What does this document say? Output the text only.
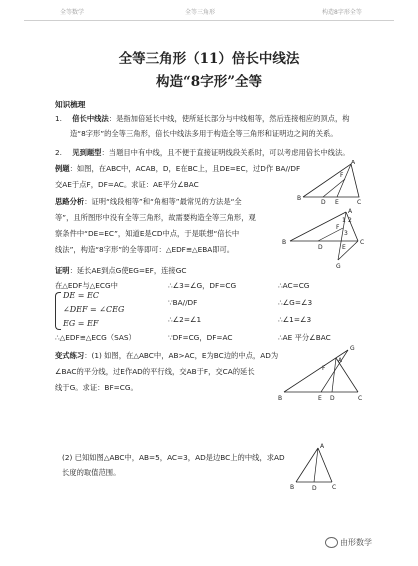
全等数学	全等三角形	构造8字形全等
全等三角形（11）倍长中线法
构造“8字形”全等
知识梳理
1. 倍长中线法：是指加倍延长中线，使所延长部分与中线相等，然后连接相应的顶点，构
造“8字形”的全等三角形，倍长中线法多用于构造全等三角形和证明边之间的关系。
2. 见到题型：当题目中有中线，且不便于直接证明线段关系时，可以考虑用倍长中线法。
例题：如图，在ABC中，ACAB，D，E在BC上，且DE=EC，过D作 BA//DF
交AE于点F，DF=AC。求证：AE平分∠BAC
思路分析：证明“线段相等”和“角相等”最常见的方法是“全
等”，且所图形中没有全等三角形，故需要构造全等三角形，观
察条件中“DE=EC”，知道E是CD中点，于是联想“倍长中
线法”，构造“8字形”的全等即可：△EDF≌△EBA即可。
证明：延长AE到点G使EG=EF，连接GC
在△EDF与△ECG中
DE = EC
∠DEF = ∠CEG
EG = EF
∴∠3=∠G，DF=CG	∴AC=CG
∵BA//DF	∴∠G=∠3
∴∠2=∠1	∴∠1=∠3
∴△EDF≌△ECG（SAS）	∵DF=CG，DF=AC	∴AE 平分∠BAC
变式练习：(1) 如图，在△ABC中，AB>AC，E为BC边的中点，AD为
∠BAC的平分线，过E作AD的平行线，交AB于F，交CA的延长
线于G。求证：BF=CG。
(2) 已知如图△ABC中，AB=5，AC=3，AD是边BC上的中线，求AD
长度的取值范围。
A
F
B
D E	C
A
B
D	E
C
F
G
1 2
3
G
A
F
B	E D	C
A
B	D	C
由形数学
